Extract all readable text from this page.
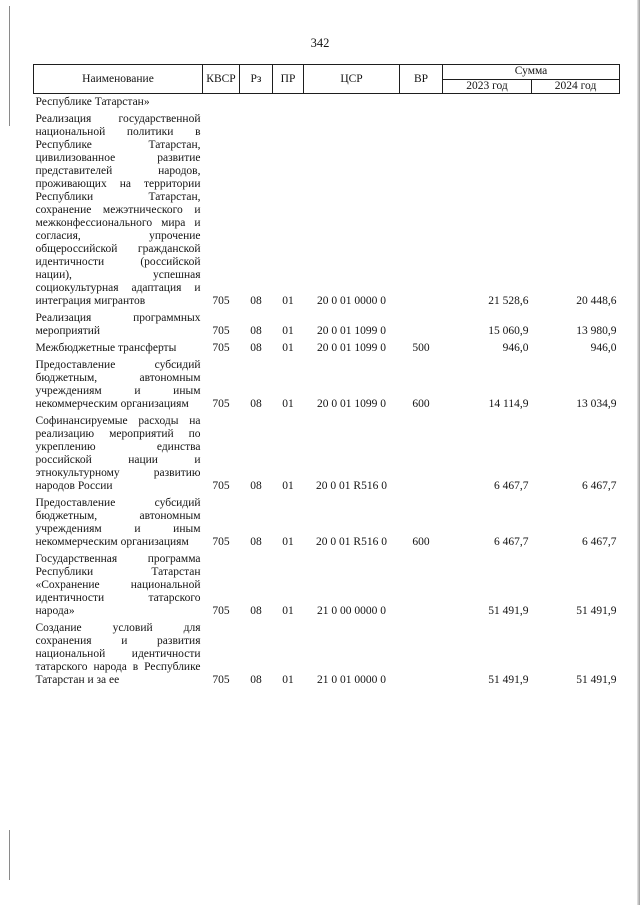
342
Наименование	КВСР	Рз	ПР	ЦСР	ВР	Сумма	
						2023 год	2024 год
Республике Татарстан»							
Реализация государственной национальной политики в Республике Татарстан, цивилизованное развитие представителей народов, проживающих на территории Республики Татарстан, сохранение межэтнического и межконфессионального мира и согласия, упрочение общероссийской гражданской идентичности (российской нации), успешная социокультурная адаптация и интеграция мигрантов	705	08	01	20 0 01 0000 0		21 528,6	20 448,6
Реализация программных мероприятий	705	08	01	20 0 01 1099 0		15 060,9	13 980,9
Межбюджетные трансферты	705	08	01	20 0 01 1099 0	500	946,0	946,0
Предоставление субсидий бюджетным, автономным учреждениям и иным некоммерческим организациям	705	08	01	20 0 01 1099 0	600	14 114,9	13 034,9
Софинансируемые расходы на реализацию мероприятий по укреплению единства российской нации и этнокультурному развитию народов России	705	08	01	20 0 01 R516 0		6 467,7	6 467,7
Предоставление субсидий бюджетным, автономным учреждениям и иным некоммерческим организациям	705	08	01	20 0 01 R516 0	600	6 467,7	6 467,7
Государственная программа Республики Татарстан «Сохранение национальной идентичности татарского народа»	705	08	01	21 0 00 0000 0		51 491,9	51 491,9
Создание условий для сохранения и развития национальной идентичности татарского народа в Республике Татарстан и за ее	705	08	01	21 0 01 0000 0		51 491,9	51 491,9
